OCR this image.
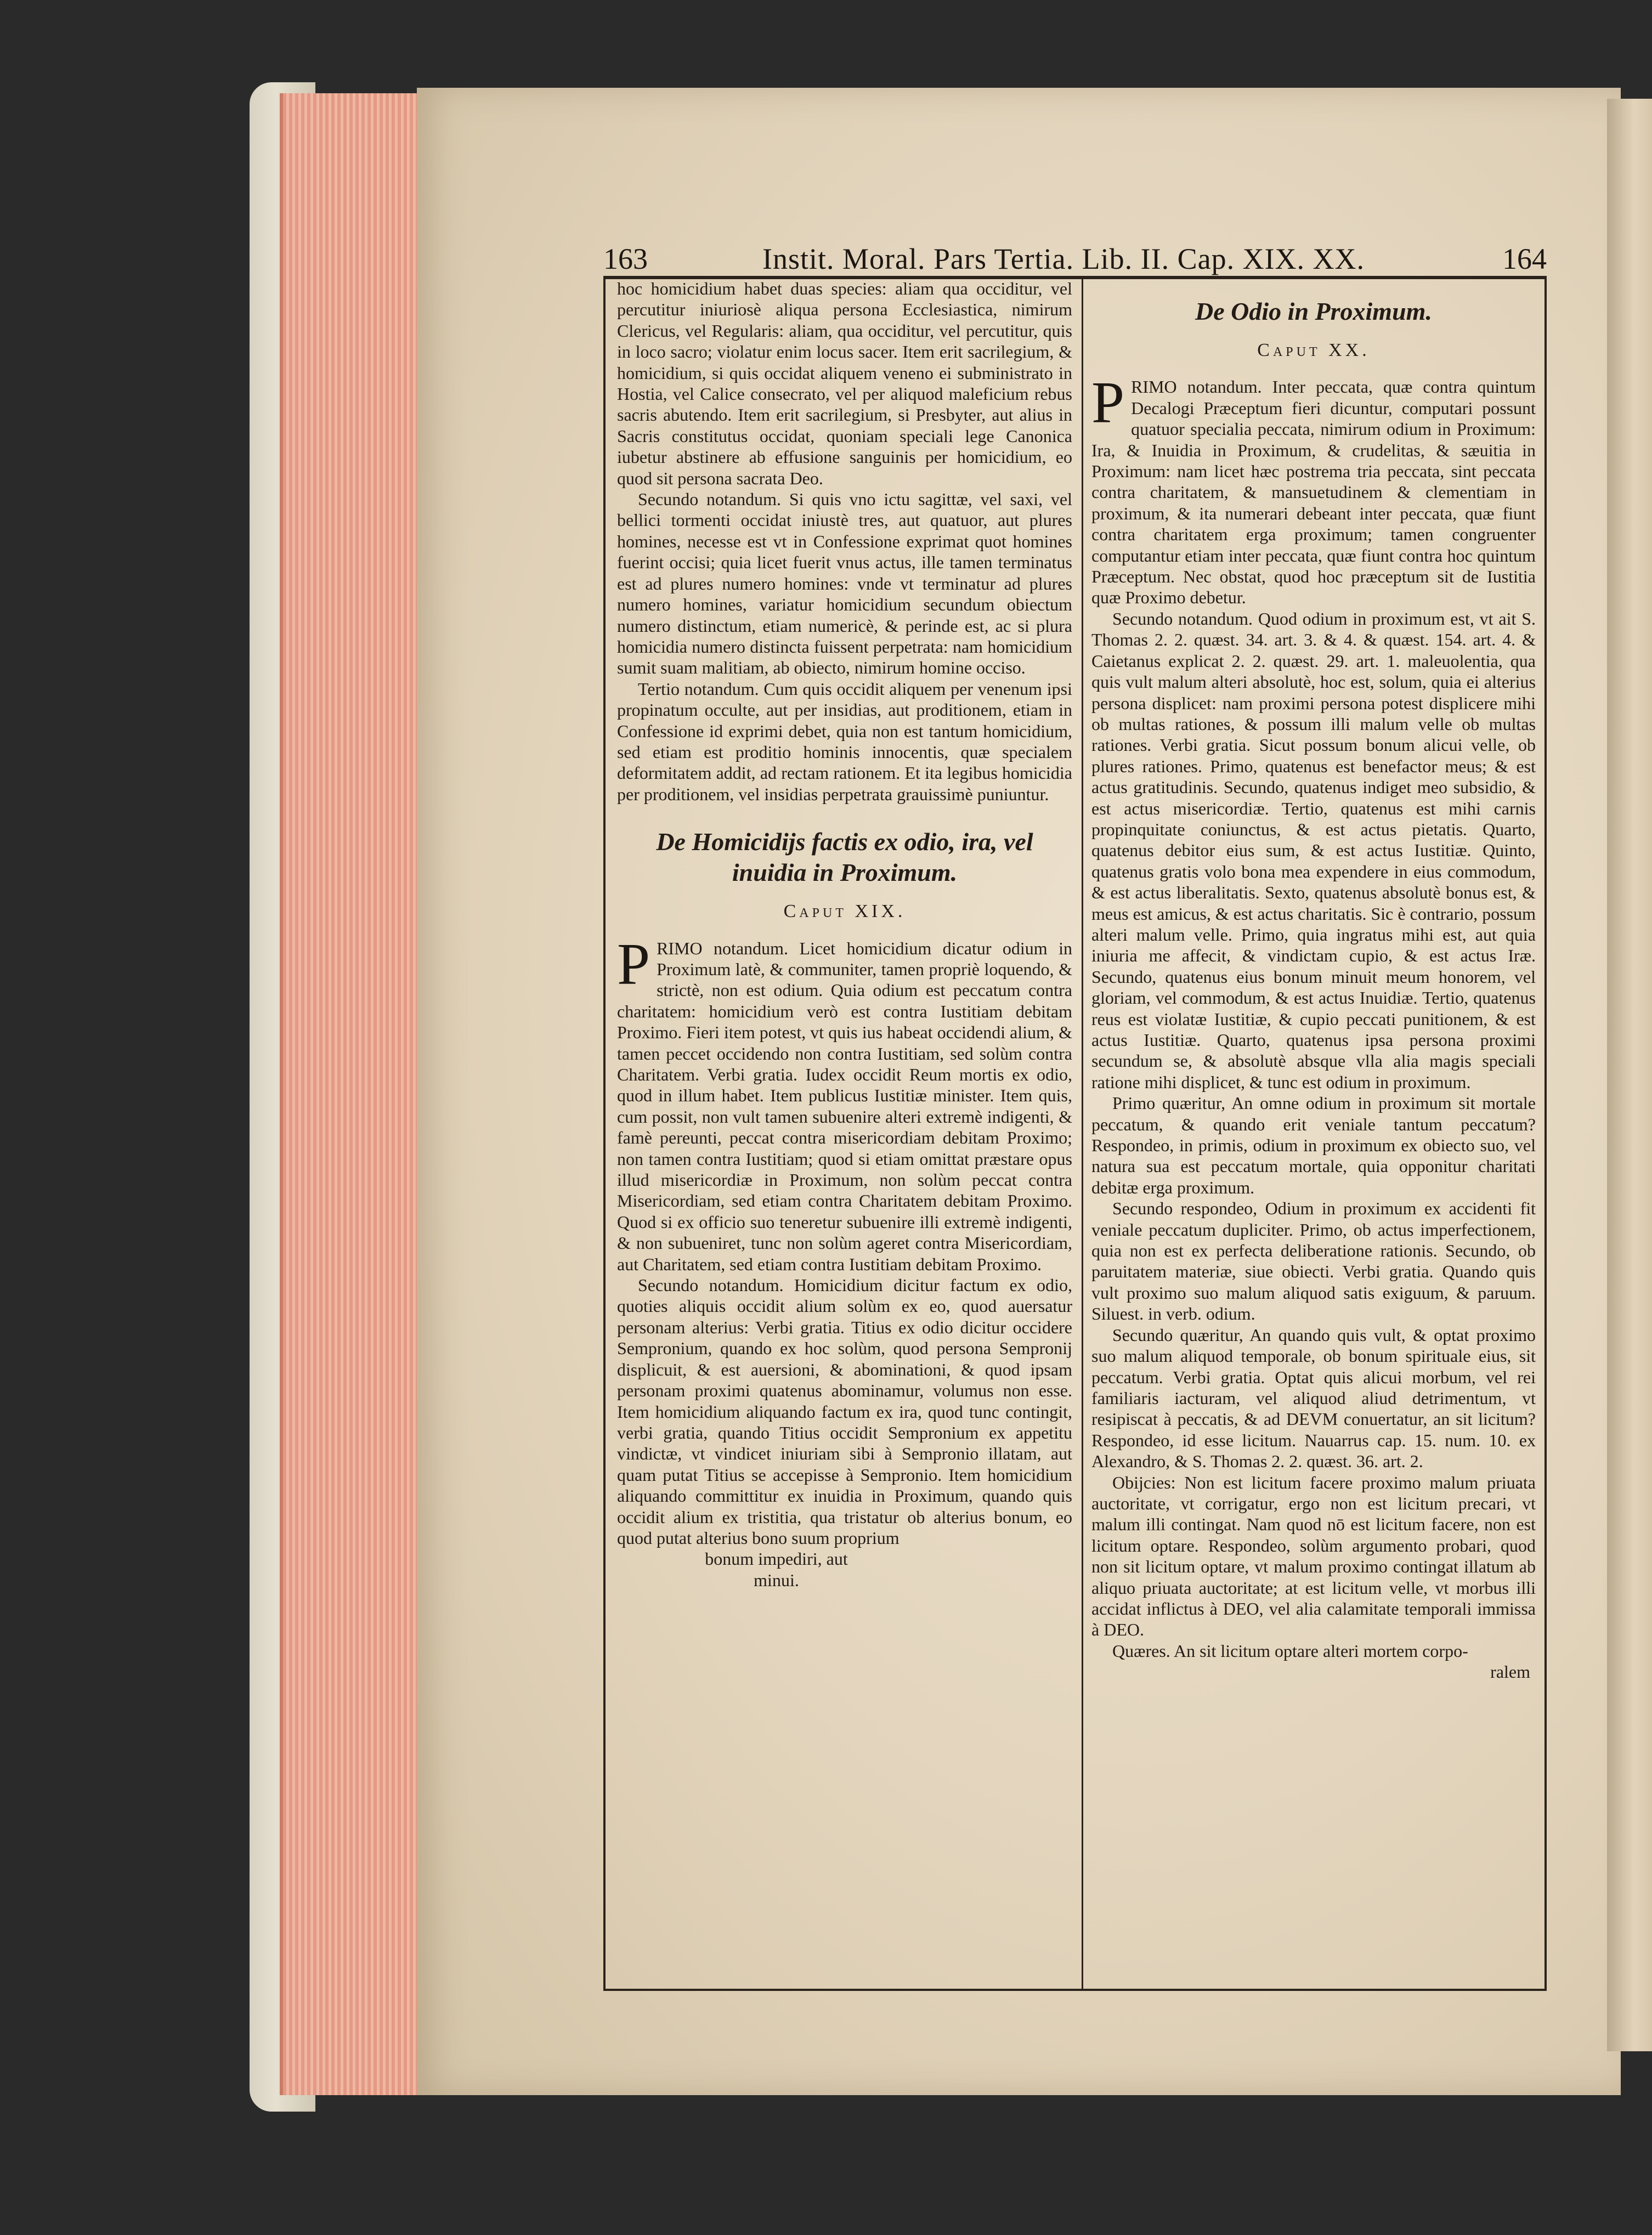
163	Instit. Moral. Pars Tertia. Lib. II. Cap. XIX. XX.	164

hoc homicidium habet duas species: aliam qua occiditur, vel percutitur iniuriosè aliqua persona Ecclesiastica, nimirum Clericus, vel Regularis: aliam, qua occiditur, vel percutitur, quis in loco sacro; violatur enim locus sacer. Item erit sacrilegium, & homicidium, si quis occidat aliquem veneno ei subministrato in Hostia, vel Calice consecrato, vel per aliquod maleficium rebus sacris abutendo. Item erit sacrilegium, si Presbyter, aut alius in Sacris constitutus occidat, quoniam speciali lege Canonica iubetur abstinere ab effusione sanguinis per homicidium, eo quod sit persona sacrata Deo.

Secundo notandum. Si quis vno ictu sagittæ, vel saxi, vel bellici tormenti occidat iniustè tres, aut quatuor, aut plures homines, necesse est vt in Confessione exprimat quot homines fuerint occisi; quia licet fuerit vnus actus, ille tamen terminatus est ad plures numero homines: vnde vt terminatur ad plures numero homines, variatur homicidium secundum obiectum numero distinctum, etiam numericè, & perinde est, ac si plura homicidia numero distincta fuissent perpetrata: nam homicidium sumit suam malitiam, ab obiecto, nimirum homine occiso.

Tertio notandum. Cum quis occidit aliquem per venenum ipsi propinatum occulte, aut per insidias, aut proditionem, etiam in Confessione id exprimi debet, quia non est tantum homicidium, sed etiam est proditio hominis innocentis, quæ specialem deformitatem addit, ad rectam rationem. Et ita legibus homicidia per proditionem, vel insidias perpetrata grauissimè puniuntur.

De Homicidijs factis ex odio, ira, vel inuidia in Proximum.

Caput XIX.

PRIMO notandum. Licet homicidium dicatur odium in Proximum latè, & communiter, tamen propriè loquendo, & strictè, non est odium. Quia odium est peccatum contra charitatem: homicidium verò est contra Iustitiam debitam Proximo. Fieri item potest, vt quis ius habeat occidendi alium, & tamen peccet occidendo non contra Iustitiam, sed solùm contra Charitatem. Verbi gratia. Iudex occidit Reum mortis ex odio, quod in illum habet. Item publicus Iustitiæ minister. Item quis, cum possit, non vult tamen subuenire alteri extremè indigenti, & famè pereunti, peccat contra misericordiam debitam Proximo; non tamen contra Iustitiam; quod si etiam omittat præstare opus illud misericordiæ in Proximum, non solùm peccat contra Misericordiam, sed etiam contra Charitatem debitam Proximo. Quod si ex officio suo teneretur subuenire illi extremè indigenti, & non subueniret, tunc non solùm ageret contra Misericordiam, aut Charitatem, sed etiam contra Iustitiam debitam Proximo.

Secundo notandum. Homicidium dicitur factum ex odio, quoties aliquis occidit alium solùm ex eo, quod auersatur personam alterius: Verbi gratia. Titius ex odio dicitur occidere Sempronium, quando ex hoc solùm, quod persona Sempronij displicuit, & est auersioni, & abominationi, & quod ipsam personam proximi quatenus abominamur, volumus non esse. Item homicidium aliquando factum ex ira, quod tunc contingit, verbi gratia, quando Titius occidit Sempronium ex appetitu vindictæ, vt vindicet iniuriam sibi à Sempronio illatam, aut quam putat Titius se accepisse à Sempronio. Item homicidium aliquando committitur ex inuidia in Proximum, quando quis occidit alium ex tristitia, qua tristatur ob alterius bonum, eo quod putat alterius bono suum proprium

bonum impediri, aut

minui.

De Odio in Proximum.

Caput XX.

PRIMO notandum. Inter peccata, quæ contra quintum Decalogi Præceptum fieri dicuntur, computari possunt quatuor specialia peccata, nimirum odium in Proximum: Ira, & Inuidia in Proximum, & crudelitas, & sæuitia in Proximum: nam licet hæc postrema tria peccata, sint peccata contra charitatem, & mansuetudinem & clementiam in proximum, & ita numerari debeant inter peccata, quæ fiunt contra charitatem erga proximum; tamen congruenter computantur etiam inter peccata, quæ fiunt contra hoc quintum Præceptum. Nec obstat, quod hoc præceptum sit de Iustitia quæ Proximo debetur.

Secundo notandum. Quod odium in proximum est, vt ait S. Thomas 2. 2. quæst. 34. art. 3. & 4. & quæst. 154. art. 4. & Caietanus explicat 2. 2. quæst. 29. art. 1. maleuolentia, qua quis vult malum alteri absolutè, hoc est, solum, quia ei alterius persona displicet: nam proximi persona potest displicere mihi ob multas rationes, & possum illi malum velle ob multas rationes. Verbi gratia. Sicut possum bonum alicui velle, ob plures rationes. Primo, quatenus est benefactor meus; & est actus gratitudinis. Secundo, quatenus indiget meo subsidio, & est actus misericordiæ. Tertio, quatenus est mihi carnis propinquitate coniunctus, & est actus pietatis. Quarto, quatenus debitor eius sum, & est actus Iustitiæ. Quinto, quatenus gratis volo bona mea expendere in eius commodum, & est actus liberalitatis. Sexto, quatenus absolutè bonus est, & meus est amicus, & est actus charitatis. Sic è contrario, possum alteri malum velle. Primo, quia ingratus mihi est, aut quia iniuria me affecit, & vindictam cupio, & est actus Iræ. Secundo, quatenus eius bonum minuit meum honorem, vel gloriam, vel commodum, & est actus Inuidiæ. Tertio, quatenus reus est violatæ Iustitiæ, & cupio peccati punitionem, & est actus Iustitiæ. Quarto, quatenus ipsa persona proximi secundum se, & absolutè absque vlla alia magis speciali ratione mihi displicet, & tunc est odium in proximum.

Primo quæritur, An omne odium in proximum sit mortale peccatum, & quando erit veniale tantum peccatum? Respondeo, in primis, odium in proximum ex obiecto suo, vel natura sua est peccatum mortale, quia opponitur charitati debitæ erga proximum.

Secundo respondeo, Odium in proximum ex accidenti fit veniale peccatum dupliciter. Primo, ob actus imperfectionem, quia non est ex perfecta deliberatione rationis. Secundo, ob paruitatem materiæ, siue obiecti. Verbi gratia. Quando quis vult proximo suo malum aliquod satis exiguum, & paruum. Siluest. in verb. odium.

Secundo quæritur, An quando quis vult, & optat proximo suo malum aliquod temporale, ob bonum spirituale eius, sit peccatum. Verbi gratia. Optat quis alicui morbum, vel rei familiaris iacturam, vel aliquod aliud detrimentum, vt resipiscat à peccatis, & ad DEVM conuertatur, an sit licitum? Respondeo, id esse licitum. Nauarrus cap. 15. num. 10. ex Alexandro, & S. Thomas 2. 2. quæst. 36. art. 2.

Obijcies: Non est licitum facere proximo malum priuata auctoritate, vt corrigatur, ergo non est licitum precari, vt malum illi contingat. Nam quod nō est licitum facere, non est licitum optare. Respondeo, solùm argumento probari, quod non sit licitum optare, vt malum proximo contingat illatum ab aliquo priuata auctoritate; at est licitum velle, vt morbus illi accidat inflictus à DEO, vel alia calamitate temporali immissa à DEO.

Quæres. An sit licitum optare alteri mortem corpo-

ralem
